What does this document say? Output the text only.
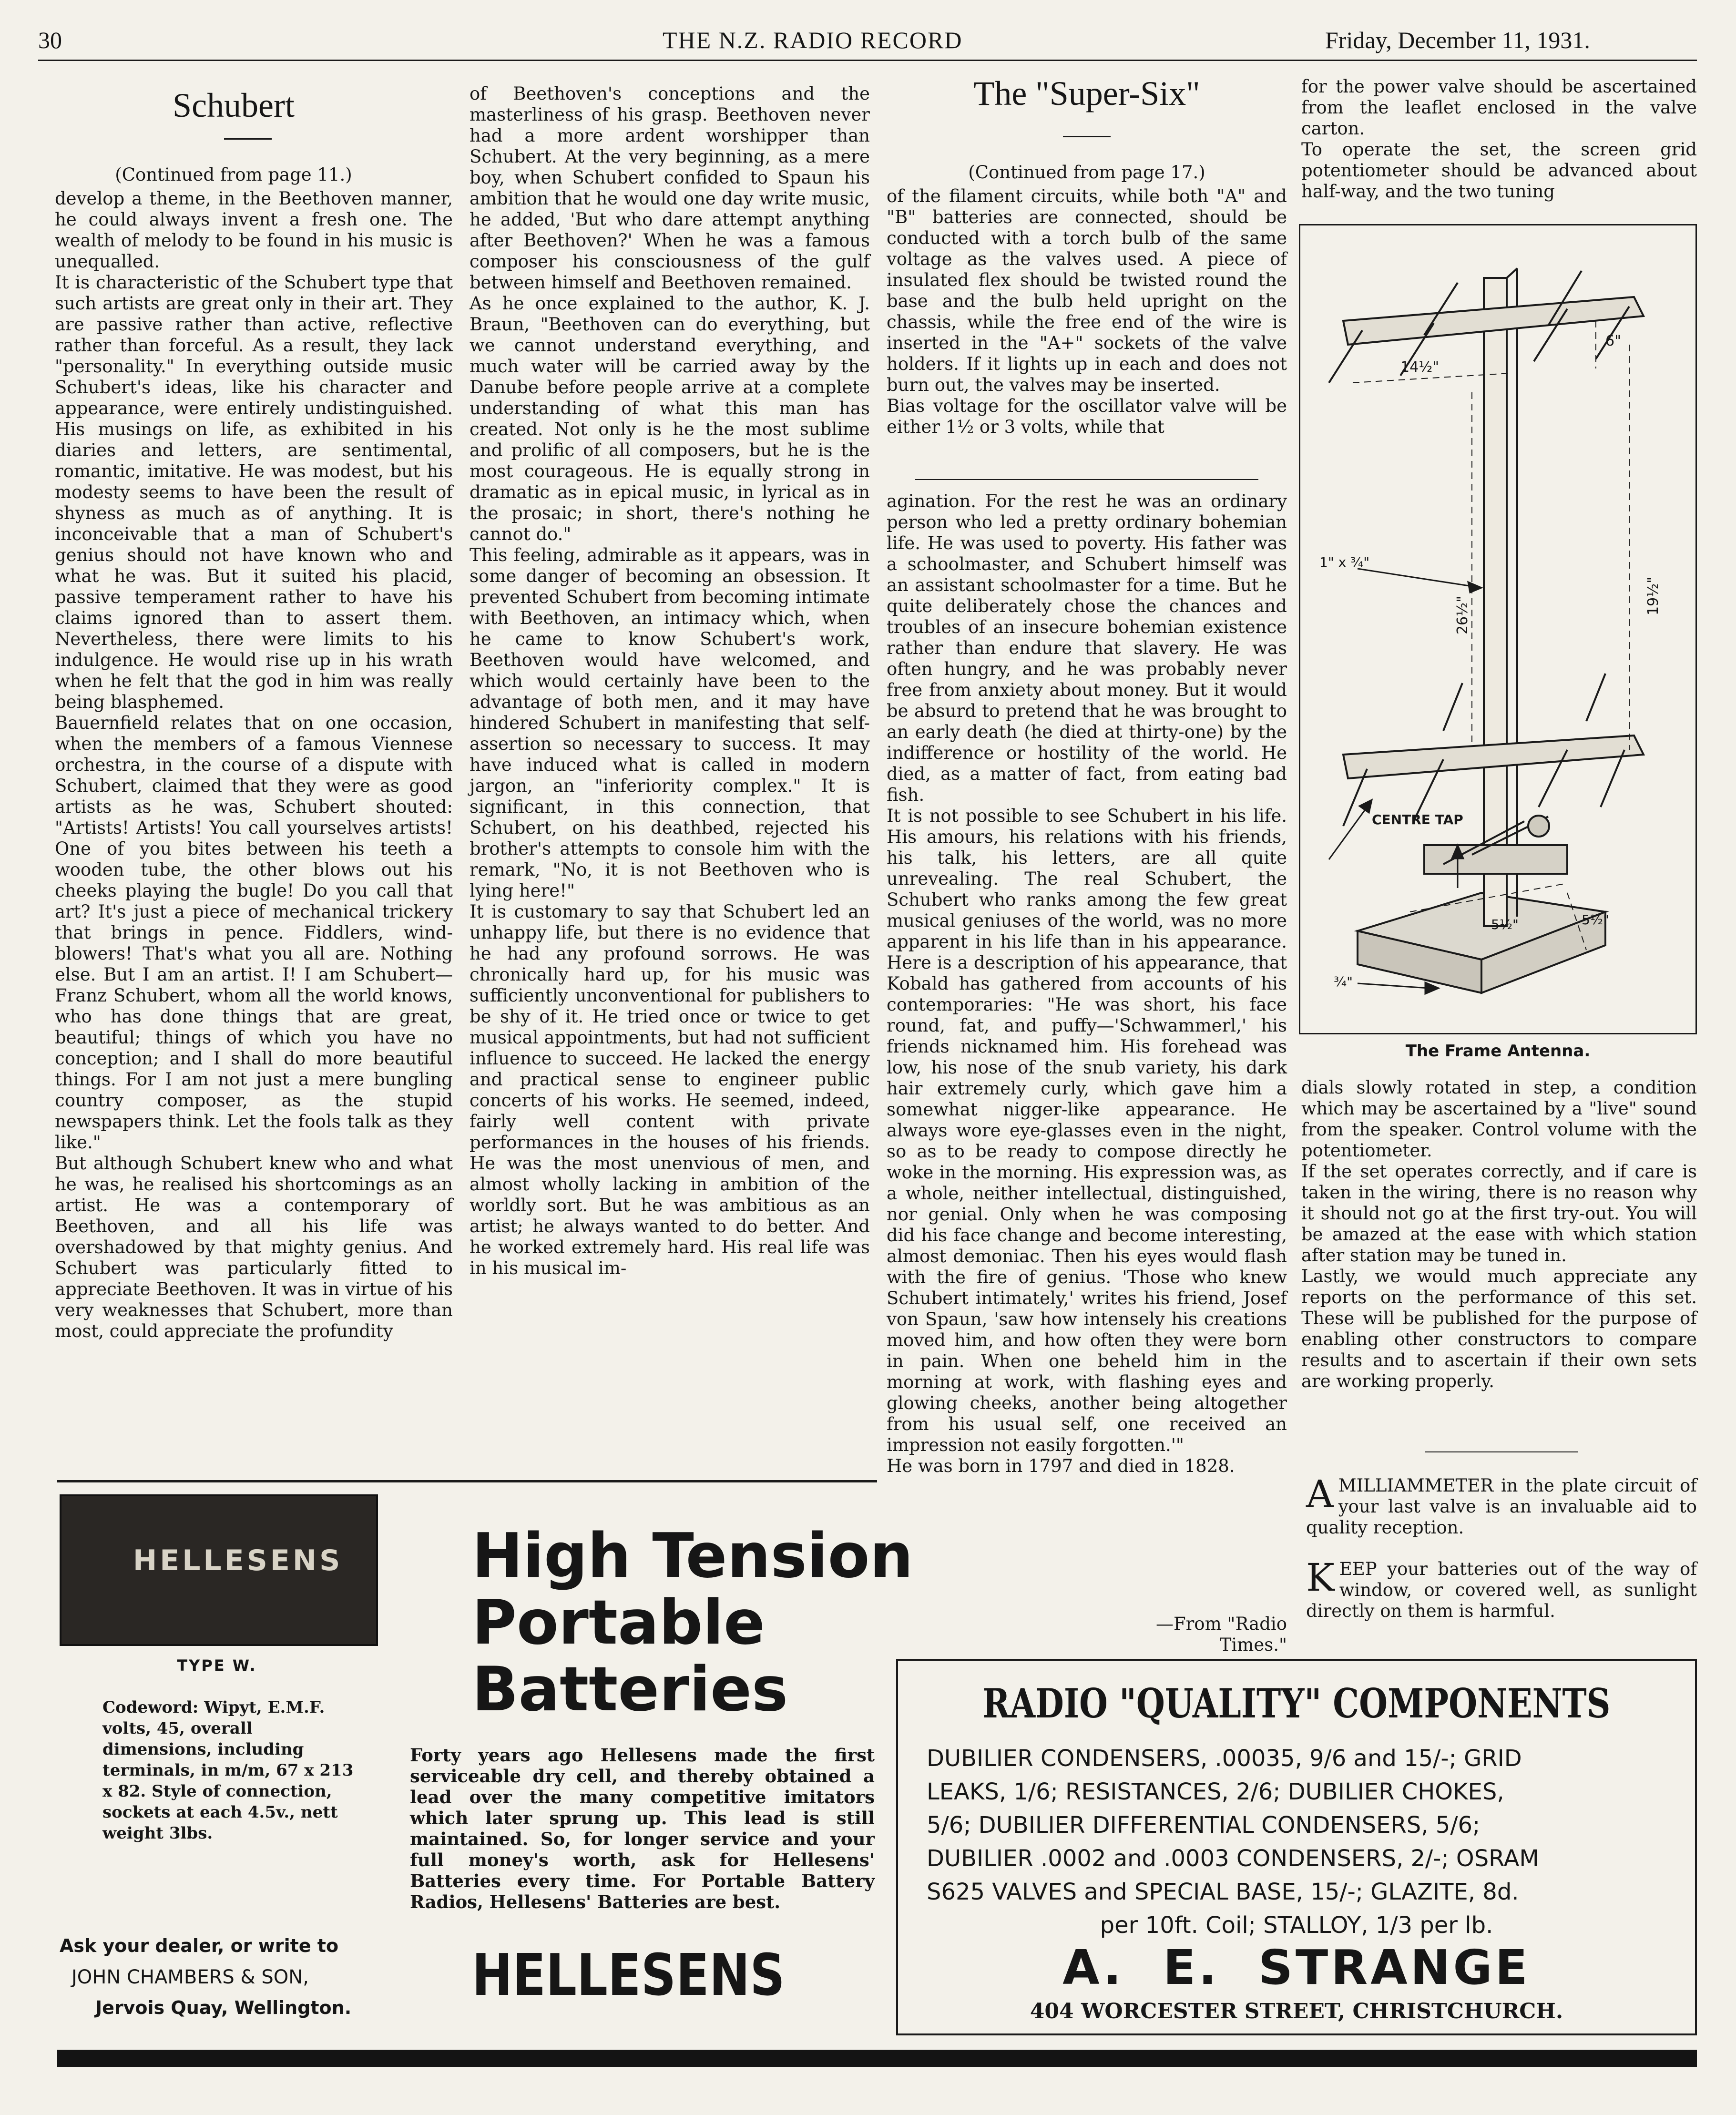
30	THE N.Z. RADIO RECORD	Friday, December 11, 1931.
Schubert
(Continued from page 11.)
develop a theme, in the Beethoven manner, he could always invent a fresh one. The wealth of melody to be found in his music is unequalled.
It is characteristic of the Schubert type that such artists are great only in their art. They are passive rather than active, reflective rather than forceful. As a result, they lack "personality." In everything outside music Schubert's ideas, like his character and appearance, were entirely undistinguished. His musings on life, as exhibited in his diaries and letters, are sentimental, romantic, imitative. He was modest, but his modesty seems to have been the result of shyness as much as of anything. It is inconceivable that a man of Schubert's genius should not have known who and what he was. But it suited his placid, passive temperament rather to have his claims ignored than to assert them. Nevertheless, there were limits to his indulgence. He would rise up in his wrath when he felt that the god in him was really being blasphemed.
Bauernfield relates that on one occasion, when the members of a famous Viennese orchestra, in the course of a dispute with Schubert, claimed that they were as good artists as he was, Schubert shouted: "Artists! Artists! You call yourselves artists! One of you bites between his teeth a wooden tube, the other blows out his cheeks playing the bugle! Do you call that art? It's just a piece of mechanical trickery that brings in pence. Fiddlers, wind-blowers! That's what you all are. Nothing else. But I am an artist. I! I am Schubert—Franz Schubert, whom all the world knows, who has done things that are great, beautiful; things of which you have no conception; and I shall do more beautiful things. For I am not just a mere bungling country composer, as the stupid newspapers think. Let the fools talk as they like."
But although Schubert knew who and what he was, he realised his shortcomings as an artist. He was a contemporary of Beethoven, and all his life was overshadowed by that mighty genius. And Schubert was particularly fitted to appreciate Beethoven. It was in virtue of his very weaknesses that Schubert, more than most, could appreciate the profundity
of Beethoven's conceptions and the masterliness of his grasp. Beethoven never had a more ardent worshipper than Schubert. At the very beginning, as a mere boy, when Schubert confided to Spaun his ambition that he would one day write music, he added, 'But who dare attempt anything after Beethoven?' When he was a famous composer his consciousness of the gulf between himself and Beethoven remained.
As he once explained to the author, K. J. Braun, "Beethoven can do everything, but we cannot understand everything, and much water will be carried away by the Danube before people arrive at a complete understanding of what this man has created. Not only is he the most sublime and prolific of all composers, but he is the most courageous. He is equally strong in dramatic as in epical music, in lyrical as in the prosaic; in short, there's nothing he cannot do."
This feeling, admirable as it appears, was in some danger of becoming an obsession. It prevented Schubert from becoming intimate with Beethoven, an intimacy which, when he came to know Schubert's work, Beethoven would have welcomed, and which would certainly have been to the advantage of both men, and it may have hindered Schubert in manifesting that self-assertion so necessary to success. It may have induced what is called in modern jargon, an "inferiority complex." It is significant, in this connection, that Schubert, on his deathbed, rejected his brother's attempts to console him with the remark, "No, it is not Beethoven who is lying here!"
It is customary to say that Schubert led an unhappy life, but there is no evidence that he had any profound sorrows. He was chronically hard up, for his music was sufficiently unconventional for publishers to be shy of it. He tried once or twice to get musical appointments, but had not sufficient influence to succeed. He lacked the energy and practical sense to engineer public concerts of his works. He seemed, indeed, fairly well content with private performances in the houses of his friends. He was the most unenvious of men, and almost wholly lacking in ambition of the worldly sort. But he was ambitious as an artist; he always wanted to do better. And he worked extremely hard. His real life was in his musical im-
agination. For the rest he was an ordinary person who led a pretty ordinary bohemian life. He was used to poverty. His father was a schoolmaster, and Schubert himself was an assistant schoolmaster for a time. But he quite deliberately chose the chances and troubles of an insecure bohemian existence rather than endure that slavery. He was often hungry, and he was probably never free from anxiety about money. But it would be absurd to pretend that he was brought to an early death (he died at thirty-one) by the indifference or hostility of the world. He died, as a matter of fact, from eating bad fish.
It is not possible to see Schubert in his life. His amours, his relations with his friends, his talk, his letters, are all quite unrevealing. The real Schubert, the Schubert who ranks among the few great musical geniuses of the world, was no more apparent in his life than in his appearance. Here is a description of his appearance, that Kobald has gathered from accounts of his contemporaries: "He was short, his face round, fat, and puffy—'Schwammerl,' his friends nicknamed him. His forehead was low, his nose of the snub variety, his dark hair extremely curly, which gave him a somewhat nigger-like appearance. He always wore eye-glasses even in the night, so as to be ready to compose directly he woke in the morning. His expression was, as a whole, neither intellectual, distinguished, nor genial. Only when he was composing did his face change and become interesting, almost demoniac. Then his eyes would flash with the fire of genius. 'Those who knew Schubert intimately,' writes his friend, Josef von Spaun, 'saw how intensely his creations moved him, and how often they were born in pain. When one beheld him in the morning at work, with flashing eyes and glowing cheeks, another being altogether from his usual self, one received an impression not easily forgotten.'"
He was born in 1797 and died in 1828.
—From "Radio Times."
The "Super-Six"
(Continued from page 17.)
of the filament circuits, while both "A" and "B" batteries are connected, should be conducted with a torch bulb of the same voltage as the valves used. A piece of insulated flex should be twisted round the base and the bulb held upright on the chassis, while the free end of the wire is inserted in the "A+" sockets of the valve holders. If it lights up in each and does not burn out, the valves may be inserted.
Bias voltage for the oscillator valve will be either 1½ or 3 volts, while that
for the power valve should be ascertained from the leaflet enclosed in the valve carton.
To operate the set, the screen grid potentiometer should be advanced about half-way, and the two tuning
14½"
6"
1" x ¾"
26½"	19½"
CENTRE TAP
5½"	5½"
¾"
The Frame Antenna.
dials slowly rotated in step, a condition which may be ascertained by a "live" sound from the speaker. Control volume with the potentiometer.
If the set operates correctly, and if care is taken in the wiring, there is no reason why it should not go at the first try-out. You will be amazed at the ease with which station after station may be tuned in.
Lastly, we would much appreciate any reports on the performance of this set. These will be published for the purpose of enabling other constructors to compare results and to ascertain if their own sets are working properly.
A MILLIAMMETER in the plate circuit of your last valve is an invaluable aid to quality reception.
K EEP your batteries out of the way of window, or covered well, as sunlight directly on them is harmful.
HELLESENS
TYPE W.
Codeword: Wipyt, E.M.F. volts, 45, overall dimensions, including terminals, in m/m, 67 x 213 x 82. Style of connection, sockets at each 4.5v., nett weight 3lbs.
High Tension
Portable
Batteries
Forty years ago Hellesens made the first serviceable dry cell, and thereby obtained a lead over the many competitive imitators which later sprung up. This lead is still maintained. So, for longer service and your full money's worth, ask for Hellesens' Batteries every time. For Portable Battery Radios, Hellesens' Batteries are best.
Ask your dealer, or write to
JOHN CHAMBERS & SON,
Jervois Quay, Wellington. HELLESENS
RADIO "QUALITY" COMPONENTS
DUBILIER CONDENSERS, .00035, 9/6 and 15/-; GRID
LEAKS, 1/6; RESISTANCES, 2/6; DUBILIER CHOKES,
5/6; DUBILIER DIFFERENTIAL CONDENSERS, 5/6;
DUBILIER .0002 and .0003 CONDENSERS, 2/-; OSRAM
S625 VALVES and SPECIAL BASE, 15/-; GLAZITE, 8d.
per 10ft. Coil; STALLOY, 1/3 per lb.
A.  E.  STRANGE
404 WORCESTER STREET, CHRISTCHURCH.
